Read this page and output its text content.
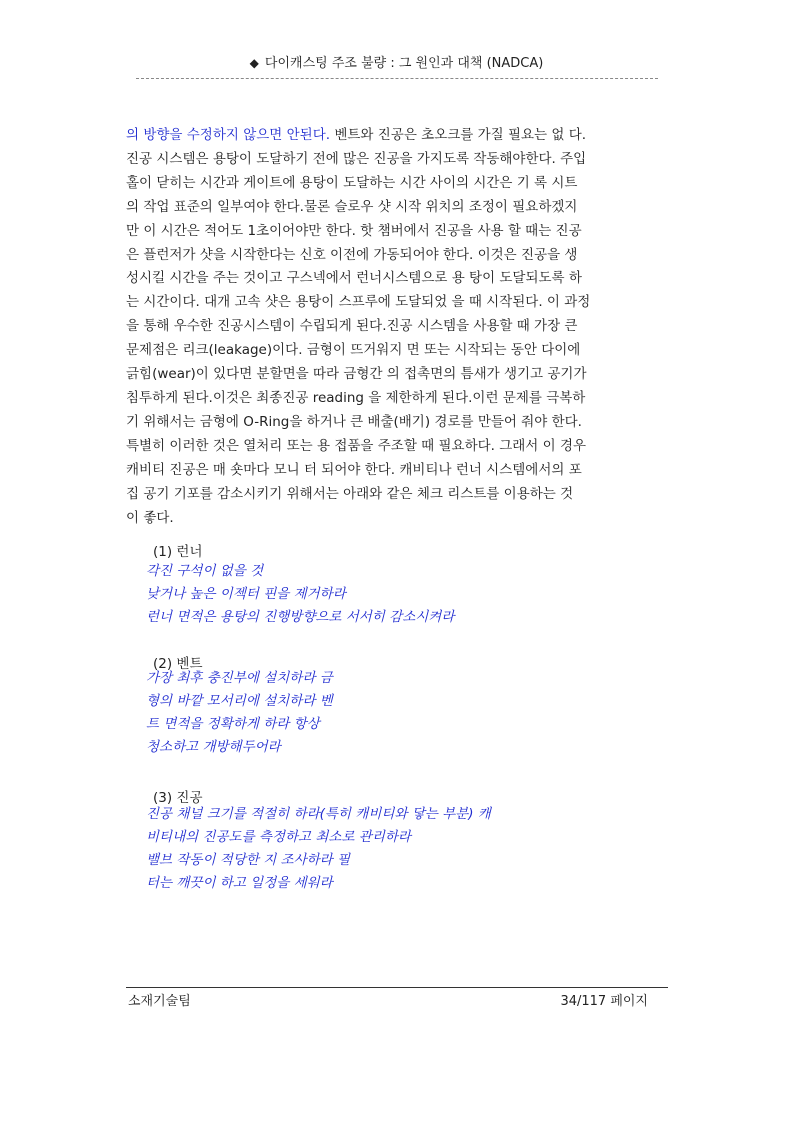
◆ 다이캐스팅 주조 불량 : 그 원인과 대책 (NADCA)

의 방향을 수정하지 않으면 안된다. 벤트와 진공은 초오크를 가질 필요는 없 다.

진공 시스템은 용탕이 도달하기 전에 많은 진공을 가지도록 작동해야한다. 주입

홀이 닫히는 시간과 게이트에 용탕이 도달하는 시간 사이의 시간은 기 록 시트

의 작업 표준의 일부여야 한다.물론 슬로우 샷 시작 위치의 조정이 필요하겠지

만 이 시간은 적어도 1초이어야만 한다. 핫 챔버에서 진공을 사용 할 때는 진공

은 플런저가 샷을 시작한다는 신호 이전에 가동되어야 한다. 이것은 진공을 생

성시킬 시간을 주는 것이고 구스넥에서 런너시스템으로 용 탕이 도달되도록 하

는 시간이다. 대개 고속 샷은 용탕이 스프루에 도달되었 을 때 시작된다. 이 과정

을 통해 우수한 진공시스템이 수립되게 된다.진공 시스템을 사용할 때 가장 큰

문제점은 리크(leakage)이다. 금형이 뜨거워지 면 또는 시작되는 동안 다이에

긁힘(wear)이 있다면 분할면을 따라 금형간 의 접촉면의 틈새가 생기고 공기가

침투하게 된다.이것은 최종진공 reading 을 제한하게 된다.이런 문제를 극복하

기 위해서는 금형에 O-Ring을 하거나 큰 배출(배기) 경로를 만들어 줘야 한다.

특별히 이러한 것은 열처리 또는 용 접품을 주조할 때 필요하다. 그래서 이 경우

캐비티 진공은 매 숏마다 모니 터 되어야 한다. 캐비티나 런너 시스템에서의 포

집 공기 기포를 감소시키기 위해서는 아래와 같은 체크 리스트를 이용하는 것

이 좋다.

(1) 런너

각진 구석이 없을 것

낮거나 높은 이젝터 핀을 제거하라

런너 면적은 용탕의 진행방향으로 서서히 감소시켜라

(2) 벤트

가장 최후 충진부에 설치하라 금

형의 바깥 모서리에 설치하라 벤

트 면적을 정확하게 하라 항상

청소하고 개방해두어라

(3) 진공

진공 채널 크기를 적절히 하라(특히 캐비티와 닿는 부분) 캐

비티내의 진공도를 측정하고 최소로 관리하라

밸브 작동이 적당한 지 조사하라 필

터는 깨끗이 하고 일정을 세워라

소재기술팀	34/117 페이지
